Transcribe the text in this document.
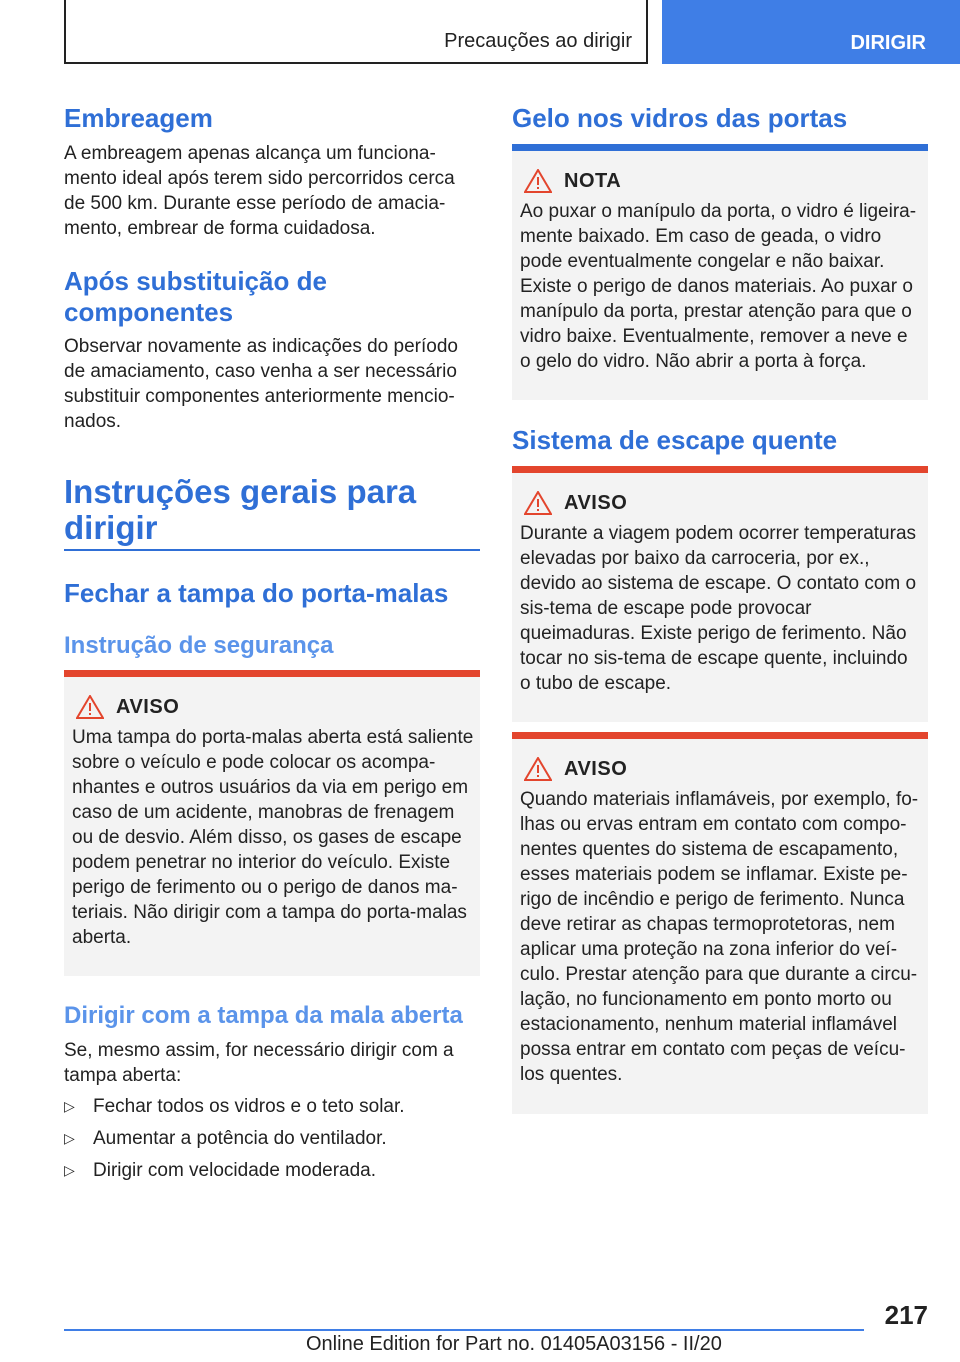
Precauções ao dirigir	DIRIGIR
Embreagem

A embreagem apenas alcança um funciona-mento ideal após terem sido percorridos cerca de 500 km. Durante esse período de amacia-mento, embrear de forma cuidadosa.

Após substituição de componentes

Observar novamente as indicações do período de amaciamento, caso venha a ser necessário substituir componentes anteriormente mencio-nados.

Instruções gerais para dirigir
Fechar a tampa do porta-malas
Instrução de segurança
AVISO

Uma tampa do porta-malas aberta está saliente sobre o veículo e pode colocar os acompa-nhantes e outros usuários da via em perigo em caso de um acidente, manobras de frenagem ou de desvio. Além disso, os gases de escape podem penetrar no interior do veículo. Existe perigo de ferimento ou o perigo de danos ma-teriais. Não dirigir com a tampa do porta-malas aberta.

Dirigir com a tampa da mala aberta

Se, mesmo assim, for necessário dirigir com a tampa aberta:

▷ Fechar todos os vidros e o teto solar.
▷ Aumentar a potência do ventilador.
▷ Dirigir com velocidade moderada.
Gelo nos vidros das portas
NOTA

Ao puxar o manípulo da porta, o vidro é ligeira-mente baixado. Em caso de geada, o vidro pode eventualmente congelar e não baixar. Existe o perigo de danos materiais. Ao puxar o manípulo da porta, prestar atenção para que o vidro baixe. Eventualmente, remover a neve e o gelo do vidro. Não abrir a porta à força.

Sistema de escape quente
AVISO

Durante a viagem podem ocorrer temperaturas elevadas por baixo da carroceria, por ex., devido ao sistema de escape. O contato com o sis-tema de escape pode provocar queimaduras. Existe perigo de ferimento. Não tocar no sis-tema de escape quente, incluindo o tubo de escape.

AVISO

Quando materiais inflamáveis, por exemplo, fo-lhas ou ervas entram em contato com compo-nentes quentes do sistema de escapamento, esses materiais podem se inflamar. Existe pe-rigo de incêndio e perigo de ferimento. Nunca deve retirar as chapas termoprotetoras, nem aplicar uma proteção na zona inferior do veí-culo. Prestar atenção para que durante a circu-lação, no funcionamento em ponto morto ou estacionamento, nenhum material inflamável possa entrar em contato com peças de veícu-los quentes.

217
Online Edition for Part no. 01405A03156 - II/20
